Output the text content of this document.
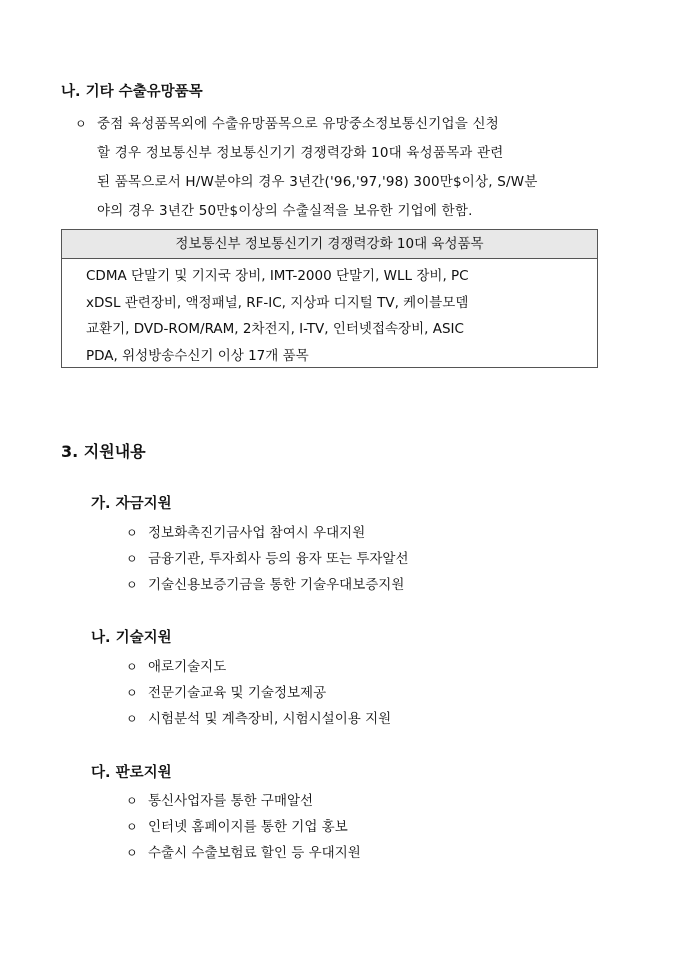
나. 기타 수출유망품목
ㅇ 중점 육성품목외에 수출유망품목으로 유망중소정보통신기업을 신청
할 경우 정보통신부 정보통신기기 경쟁력강화 10대 육성품목과 관련
된 품목으로서 H/W분야의 경우 3년간('96,'97,'98) 300만$이상, S/W분
야의 경우 3년간 50만$이상의 수출실적을 보유한 기업에 한함.
정보통신부 정보통신기기 경쟁력강화 10대 육성품목
CDMA 단말기 및 기지국 장비, IMT-2000 단말기, WLL 장비, PC
xDSL 관련장비, 액정패널, RF-IC, 지상파 디지털 TV, 케이블모뎀
교환기, DVD-ROM/RAM, 2차전지, I-TV, 인터넷접속장비, ASIC
PDA, 위성방송수신기 이상 17개 품목
3. 지원내용
가. 자금지원
ㅇ 정보화촉진기금사업 참여시 우대지원
ㅇ 금융기관, 투자회사 등의 융자 또는 투자알선
ㅇ 기술신용보증기금을 통한 기술우대보증지원
나. 기술지원
ㅇ 애로기술지도
ㅇ 전문기술교육 및 기술정보제공
ㅇ 시험분석 및 계측장비, 시험시설이용 지원
다. 판로지원
ㅇ 통신사업자를 통한 구매알선
ㅇ 인터넷 홈페이지를 통한 기업 홍보
ㅇ 수출시 수출보험료 할인 등 우대지원
